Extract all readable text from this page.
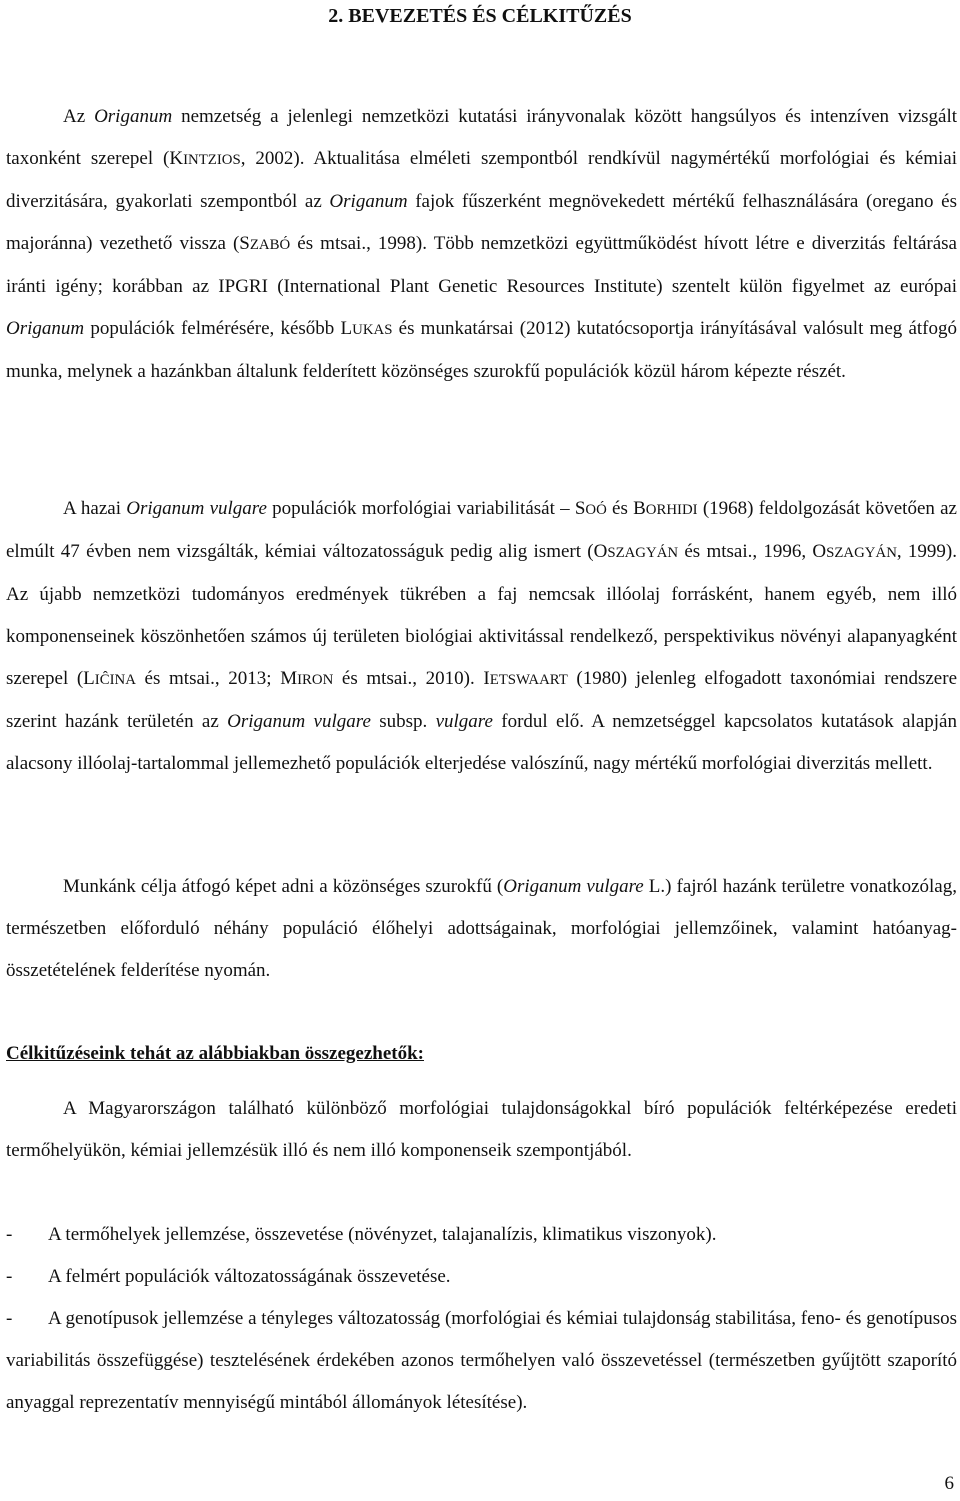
2. BEVEZETÉS ÉS CÉLKITŰZÉS

Az Origanum nemzetség a jelenlegi nemzetközi kutatási irányvonalak között hangsúlyos és intenzíven vizsgált taxonként szerepel (KINTZIOS, 2002). Aktualitása elméleti szempontból rendkívül nagymértékű morfológiai és kémiai diverzitására, gyakorlati szempontból az Origanum fajok fűszerként megnövekedett mértékű felhasználására (oregano és majoránna) vezethető vissza (SZABÓ és mtsai., 1998). Több nemzetközi együttműködést hívott létre e diverzitás feltárása iránti igény; korábban az IPGRI (International Plant Genetic Resources Institute) szentelt külön figyelmet az európai Origanum populációk felmérésére, később LUKAS és munkatársai (2012) kutatócsoportja irányításával valósult meg átfogó munka, melynek a hazánkban általunk felderített közönséges szurokfű populációk közül három képezte részét.

A hazai Origanum vulgare populációk morfológiai variabilitását – SOÓ és BORHIDI (1968) feldolgozását követően az elmúlt 47 évben nem vizsgálták, kémiai változatosságuk pedig alig ismert (OSZAGYÁN és mtsai., 1996, OSZAGYÁN, 1999). Az újabb nemzetközi tudományos eredmények tükrében a faj nemcsak illóolaj forrásként, hanem egyéb, nem illó komponenseinek köszönhetően számos új területen biológiai aktivitással rendelkező, perspektivikus növényi alapanyagként szerepel (LIĈINA és mtsai., 2013; MIRON és mtsai., 2010). IETSWAART (1980) jelenleg elfogadott taxonómiai rendszere szerint hazánk területén az Origanum vulgare subsp. vulgare fordul elő. A nemzetséggel kapcsolatos kutatások alapján alacsony illóolaj-tartalommal jellemezhető populációk elterjedése valószínű, nagy mértékű morfológiai diverzitás mellett.

Munkánk célja átfogó képet adni a közönséges szurokfű (Origanum vulgare L.) fajról hazánk területre vonatkozólag, természetben előforduló néhány populáció élőhelyi adottságainak, morfológiai jellemzőinek, valamint hatóanyag-összetételének felderítése nyomán.

Célkitűzéseink tehát az alábbiakban összegezhetők:

A Magyarországon található különböző morfológiai tulajdonságokkal bíró populációk feltérképezése eredeti termőhelyükön, kémiai jellemzésük illó és nem illó komponenseik szempontjából.

- A termőhelyek jellemzése, összevetése (növényzet, talajanalízis, klimatikus viszonyok).

- A felmért populációk változatosságának összevetése.

- A genotípusok jellemzése a tényleges változatosság (morfológiai és kémiai tulajdonság stabilitása, feno- és genotípusos variabilitás összefüggése) tesztelésének érdekében azonos termőhelyen való összevetéssel (természetben gyűjtött szaporító anyaggal reprezentatív mennyiségű mintából állományok létesítése).

6
